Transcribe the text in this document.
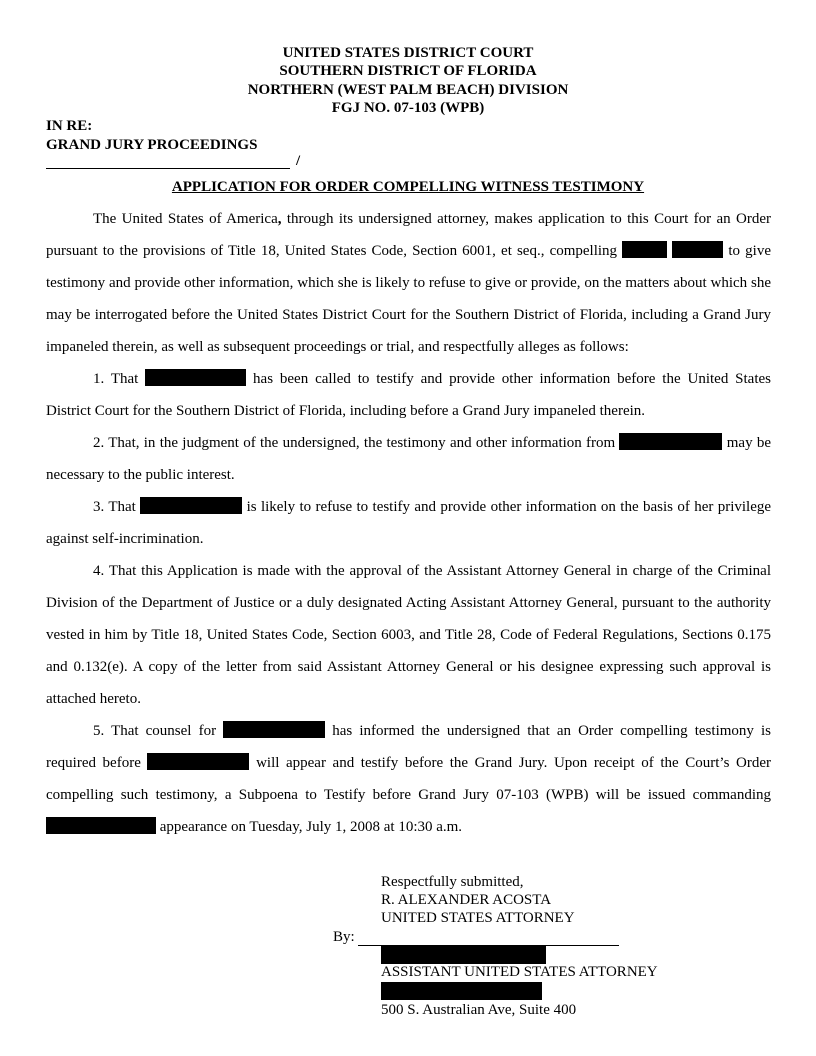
UNITED STATES DISTRICT COURT
SOUTHERN DISTRICT OF FLORIDA
NORTHERN (WEST PALM BEACH) DIVISION
FGJ NO. 07-103 (WPB)
IN RE:
GRAND JURY PROCEEDINGS
/
APPLICATION FOR ORDER COMPELLING WITNESS TESTIMONY

The United States of America, through its undersigned attorney, makes application to this Court for an Order pursuant to the provisions of Title 18, United States Code, Section 6001, et seq., compelling	to give testimony and provide other information, which she is likely to refuse to give or provide, on the matters about which she may be interrogated before the United States District Court for the Southern District of Florida, including a Grand Jury impaneled therein, as well as subsequent proceedings or trial, and respectfully alleges as follows:

1. That	has been called to testify and provide other information before the United States District Court for the Southern District of Florida, including before a Grand Jury impaneled therein.

2. That, in the judgment of the undersigned, the testimony and other information from	may be necessary to the public interest.

3. That	is likely to refuse to testify and provide other information on the basis of her privilege against self-incrimination.

4. That this Application is made with the approval of the Assistant Attorney General in charge of the Criminal Division of the Department of Justice or a duly designated Acting Assistant Attorney General, pursuant to the authority vested in him by Title 18, United States Code, Section 6003, and Title 28, Code of Federal Regulations, Sections 0.175 and 0.132(e). A copy of the letter from said Assistant Attorney General or his designee expressing such approval is attached hereto.

5. That counsel for	has informed the undersigned that an Order compelling testimony is required before	will appear and testify before the Grand Jury. Upon receipt of the Court’s Order compelling such testimony, a Subpoena to Testify before Grand Jury 07-103 (WPB) will be issued commanding  appearance on Tuesday, July 1, 2008 at 10:30 a.m.

By:
Respectfully submitted,
R. ALEXANDER ACOSTA
UNITED STATES ATTORNEY
ASSISTANT UNITED STATES ATTORNEY
500 S. Australian Ave, Suite 400
